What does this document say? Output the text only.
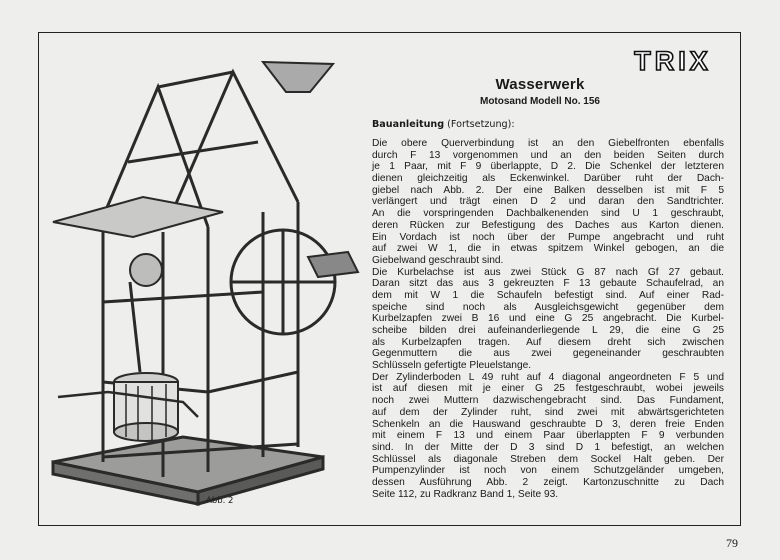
Abb. 2
TRIX
Wasserwerk
Motosand Modell No. 156
Bauanleitung (Fortsetzung):
Die obere Querverbindung ist an den Giebelfronten ebenfalls
durch F 13 vorgenommen und an den beiden Seiten durch
je 1 Paar, mit F 9 überlappte, D 2. Die Schenkel der letzteren
dienen gleichzeitig als Eckenwinkel. Darüber ruht der Dach-
giebel nach Abb. 2. Der eine Balken desselben ist mit F 5
verlängert und trägt einen D 2 und daran den Sandtrichter.
An die vorspringenden Dachbalkenenden sind U 1 geschraubt,
deren Rücken zur Befestigung des Daches aus Karton dienen.
Ein Vordach ist noch über der Pumpe angebracht und ruht
auf zwei W 1, die in etwas spitzem Winkel gebogen, an die
Giebelwand geschraubt sind.
Die Kurbelachse ist aus zwei Stück G 87 nach Gf 27 gebaut.
Daran sitzt das aus 3 gekreuzten F 13 gebaute Schaufelrad, an
dem mit W 1 die Schaufeln befestigt sind. Auf einer Rad-
speiche sind noch als Ausgleichsgewicht gegenüber dem
Kurbelzapfen zwei B 16 und eine G 25 angebracht. Die Kurbel-
scheibe bilden drei aufeinanderliegende L 29, die eine G 25
als Kurbelzapfen tragen. Auf diesem dreht sich zwischen
Gegenmuttern die aus zwei gegeneinander geschraubten
Schlüsseln gefertigte Pleuelstange.
Der Zylinderboden L 49 ruht auf 4 diagonal angeordneten F 5 und
ist auf diesen mit je einer G 25 festgeschraubt, wobei jeweils
noch zwei Muttern dazwischengebracht sind. Das Fundament,
auf dem der Zylinder ruht, sind zwei mit abwärtsgerichteten
Schenkeln an die Hauswand geschraubte D 3, deren freie Enden
mit einem F 13 und einem Paar überlappten F 9 verbunden
sind. In der Mitte der D 3 sind D 1 befestigt, an welchen
Schlüssel als diagonale Streben dem Sockel Halt geben. Der
Pumpenzylinder ist noch von einem Schutzgeländer umgeben,
dessen Ausführung Abb. 2 zeigt. Kartonzuschnitte zu Dach
Seite 112, zu Radkranz Band 1, Seite 93.
79
